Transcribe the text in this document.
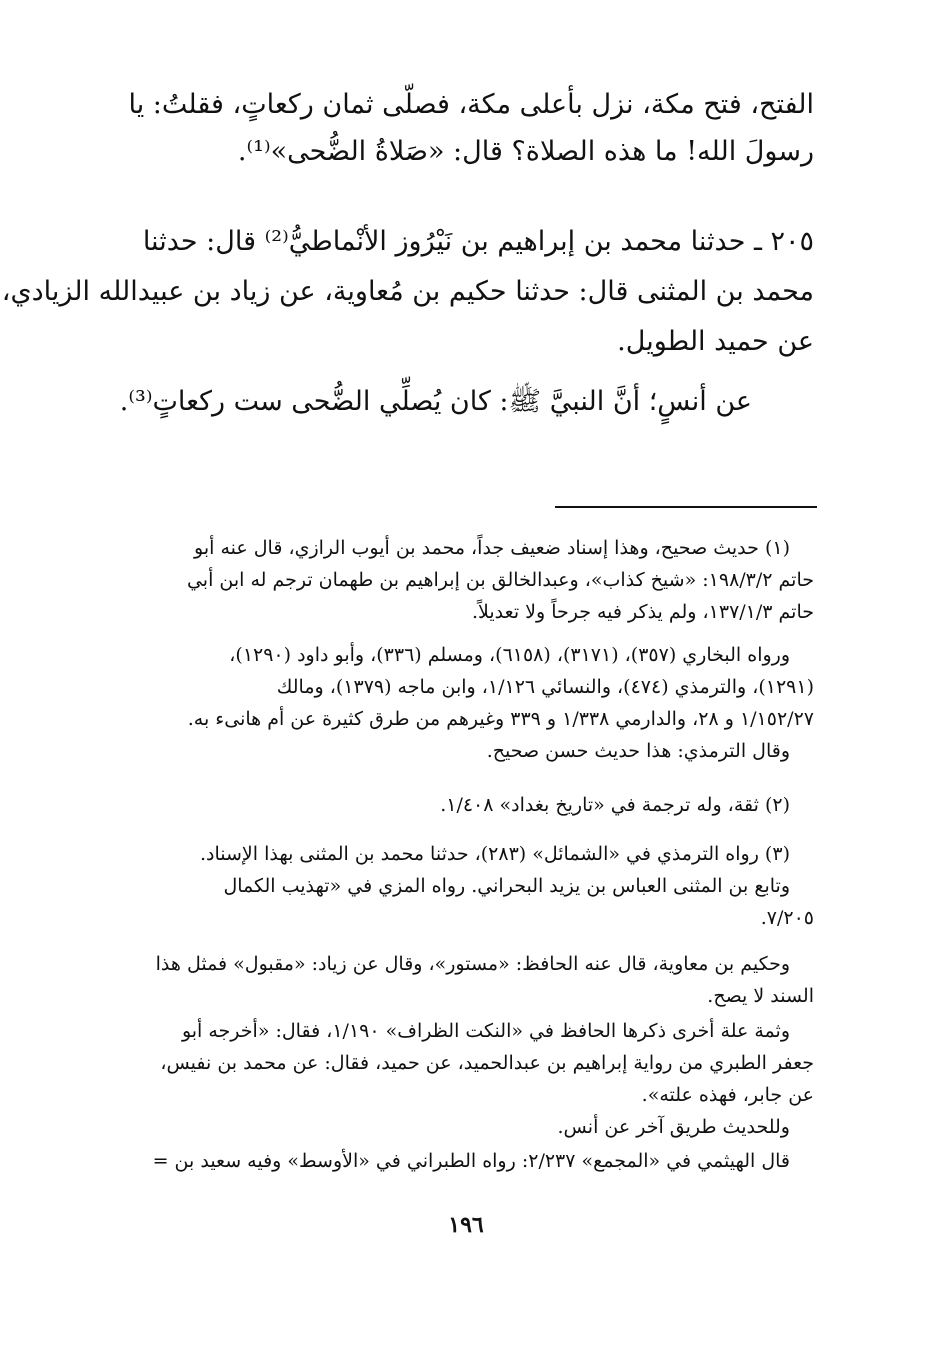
الفتح، فتح مكة، نزل بأعلى مكة، فصلّى ثمان ركعاتٍ، فقلتُ: يا
رسولَ الله! ما هذه الصلاة؟ قال: «صَلاةُ الضُّحى»⁽¹⁾.
٢٠٥ ـ حدثنا محمد بن إبراهيم بن نَيْرُوز الأنْماطيُّ⁽²⁾ قال: حدثنا
محمد بن المثنى قال: حدثنا حكيم بن مُعاوية، عن زياد بن عبيدالله الزيادي،
عن حميد الطويل.
عن أنسٍ؛ أنَّ النبيَّ ﷺ: كان يُصلِّي الضُّحى ست ركعاتٍ⁽³⁾.
(١) حديث صحيح، وهذا إسناد ضعيف جداً، محمد بن أيوب الرازي، قال عنه أبو
حاتم ١٩٨/٣/٢: «شيخ كذاب»، وعبدالخالق بن إبراهيم بن طهمان ترجم له ابن أبي
حاتم ١٣٧/١/٣، ولم يذكر فيه جرحاً ولا تعديلاً.
ورواه البخاري (٣٥٧)، (٣١٧١)، (٦١٥٨)، ومسلم (٣٣٦)، وأبو داود (١٢٩٠)،
(١٢٩١)، والترمذي (٤٧٤)، والنسائي ١/١٢٦، وابن ماجه (١٣٧٩)، ومالك
١/١٥٢/٢٧ و ٢٨، والدارمي ١/٣٣٨ و ٣٣٩ وغيرهم من طرق كثيرة عن أم هانىء به.
وقال الترمذي: هذا حديث حسن صحيح.
(٢) ثقة، وله ترجمة في «تاريخ بغداد» ١/٤٠٨.
(٣) رواه الترمذي في «الشمائل» (٢٨٣)، حدثنا محمد بن المثنى بهذا الإسناد.
وتابع بن المثنى العباس بن يزيد البحراني. رواه المزي في «تهذيب الكمال
٧/٢٠٥.
وحكيم بن معاوية، قال عنه الحافظ: «مستور»، وقال عن زياد: «مقبول» فمثل هذا
السند لا يصح.
وثمة علة أخرى ذكرها الحافظ في «النكت الظراف» ١/١٩٠، فقال: «أخرجه أبو
جعفر الطبري من رواية إبراهيم بن عبدالحميد، عن حميد، فقال: عن محمد بن نفيس،
عن جابر، فهذه علته».
وللحديث طريق آخر عن أنس.
قال الهيثمي في «المجمع» ٢/٢٣٧: رواه الطبراني في «الأوسط» وفيه سعيد بن =
١٩٦
